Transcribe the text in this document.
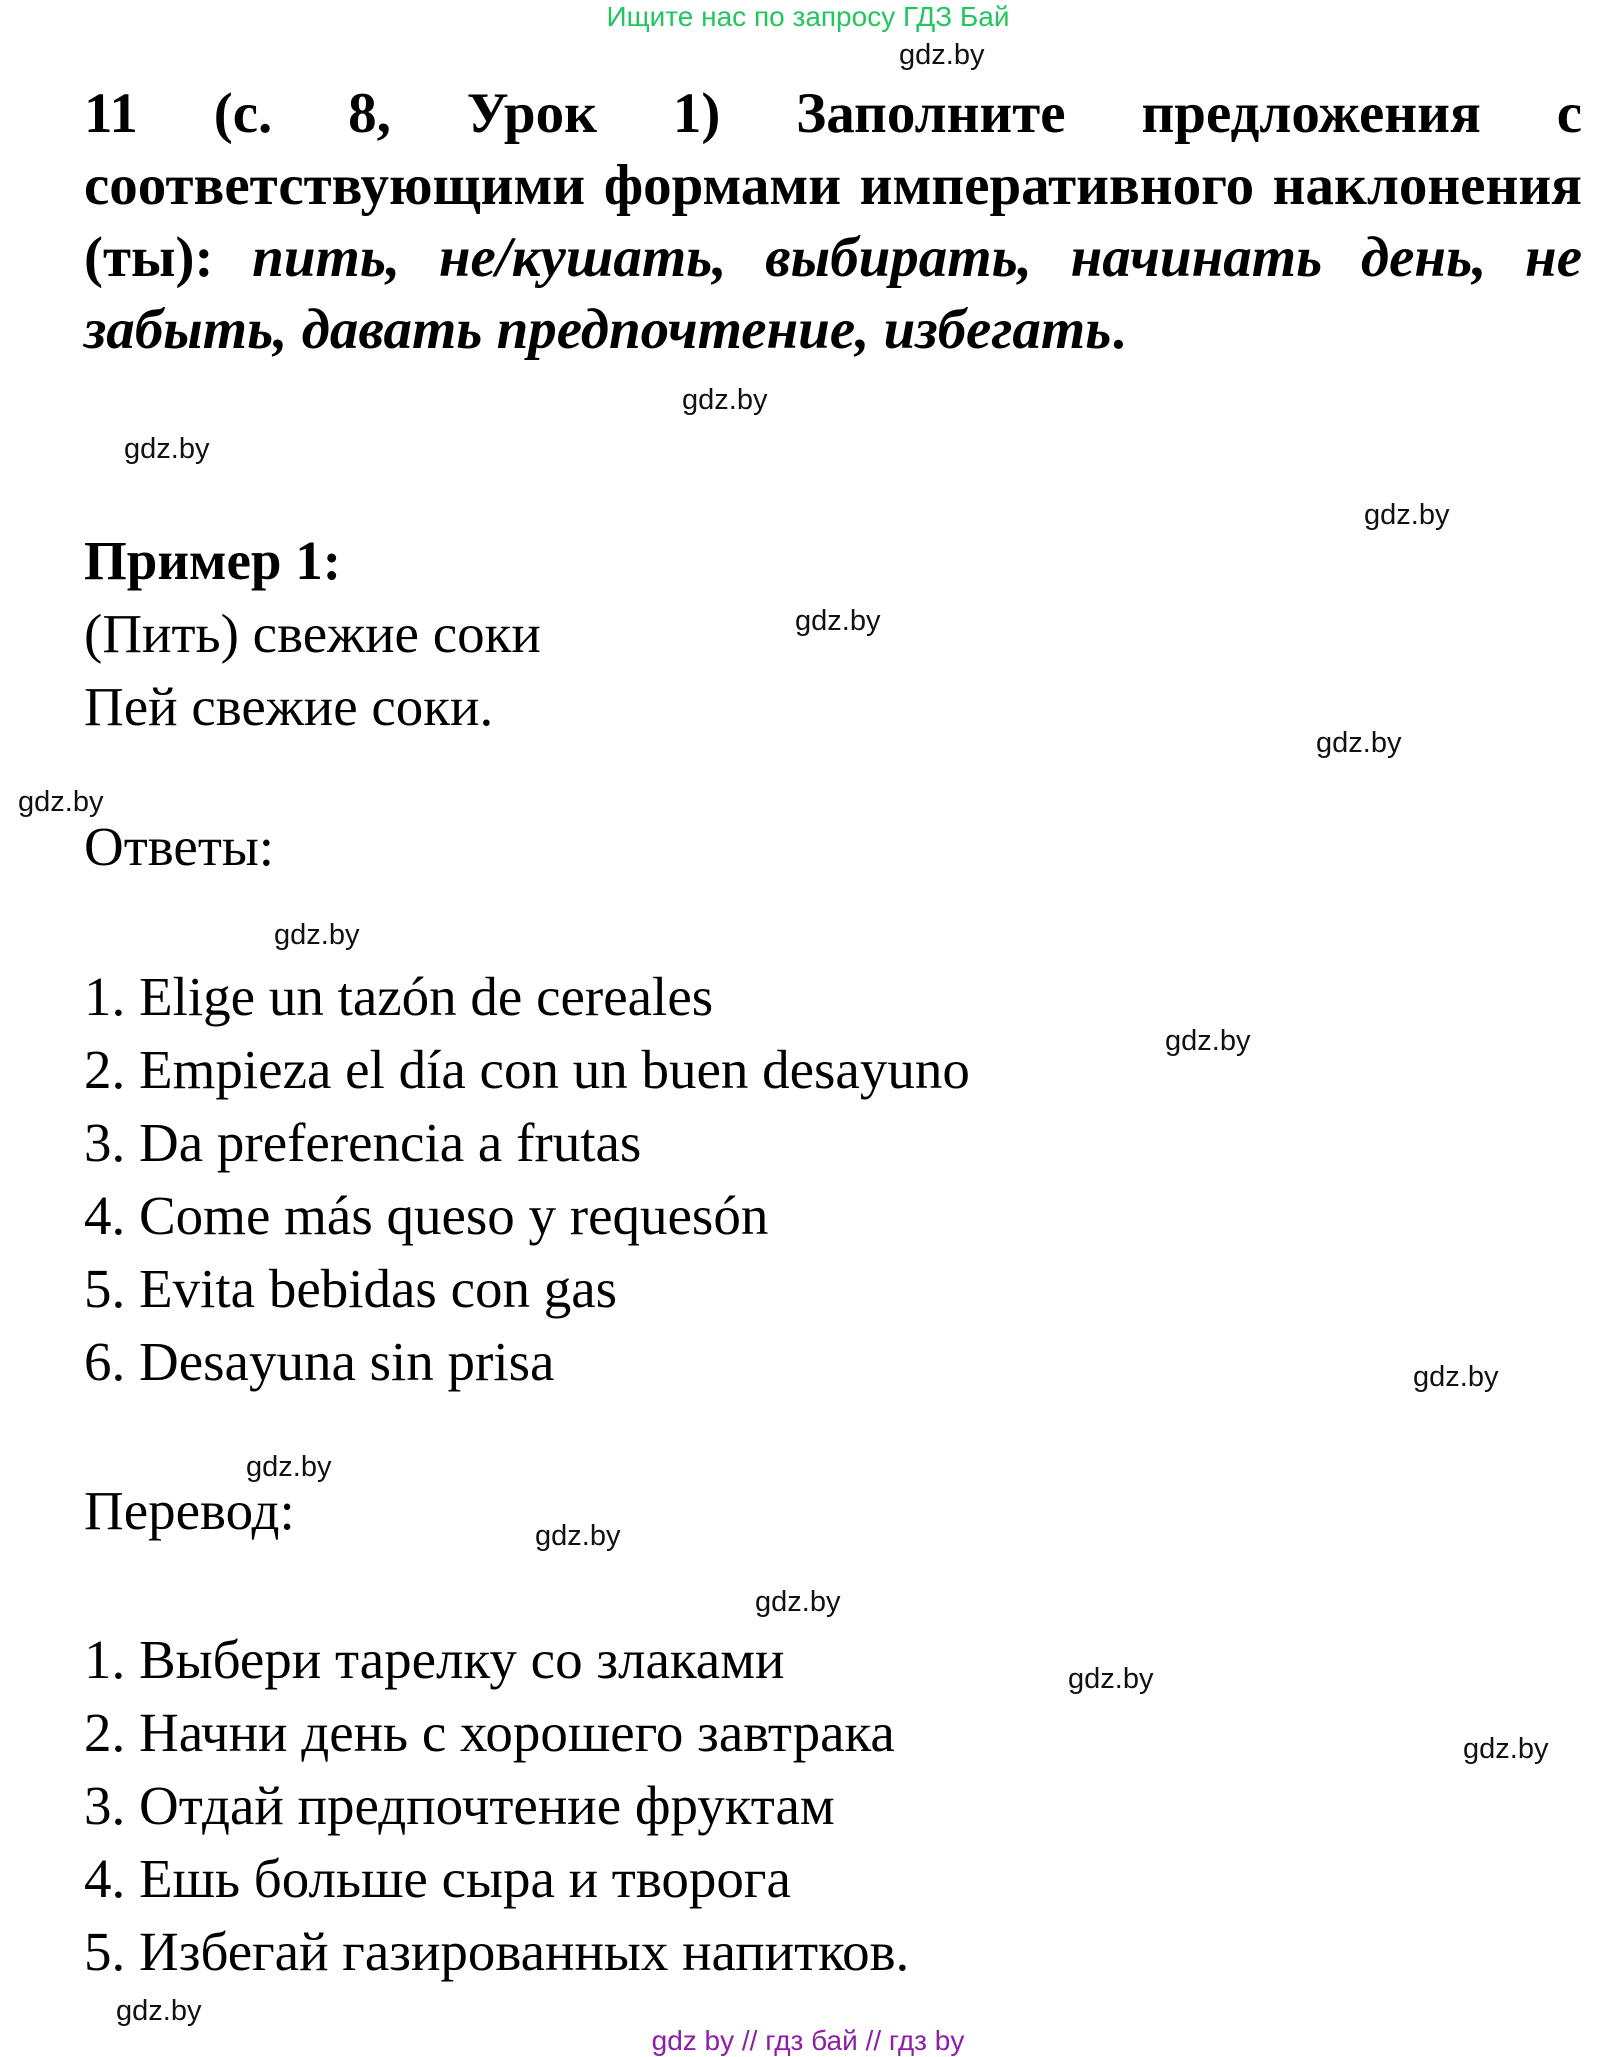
Ищите нас по запросу ГДЗ Бай
gdz.by

11 (с. 8, Урок 1) Заполните предложения с соответствующими формами императивного наклонения (ты): пить, не/кушать, выбирать, начинать день, не забыть, давать предпочтение, избегать.

gdz.by
gdz.by
gdz.by
Пример 1:
(Пить) свежие соки
Пей свежие соки.
gdz.by
gdz.by
gdz.by
Ответы:
gdz.by
gdz.by
1. Elige un tazón de cereales
2. Empieza el día con un buen desayuno
3. Da preferencia a frutas
4. Come más queso y requesón
5. Evita bebidas con gas
6. Desayuna sin prisa	gdz.by
gdz.by
Перевод:	gdz.by
gdz.by
gdz.by
gdz.by
1. Выбери тарелку со злаками
2. Начни день с хорошего завтрака
3. Отдай предпочтение фруктам
4. Ешь больше сыра и творога
5. Избегай газированных напитков.
gdz.by
gdz by // гдз бай // гдз by
